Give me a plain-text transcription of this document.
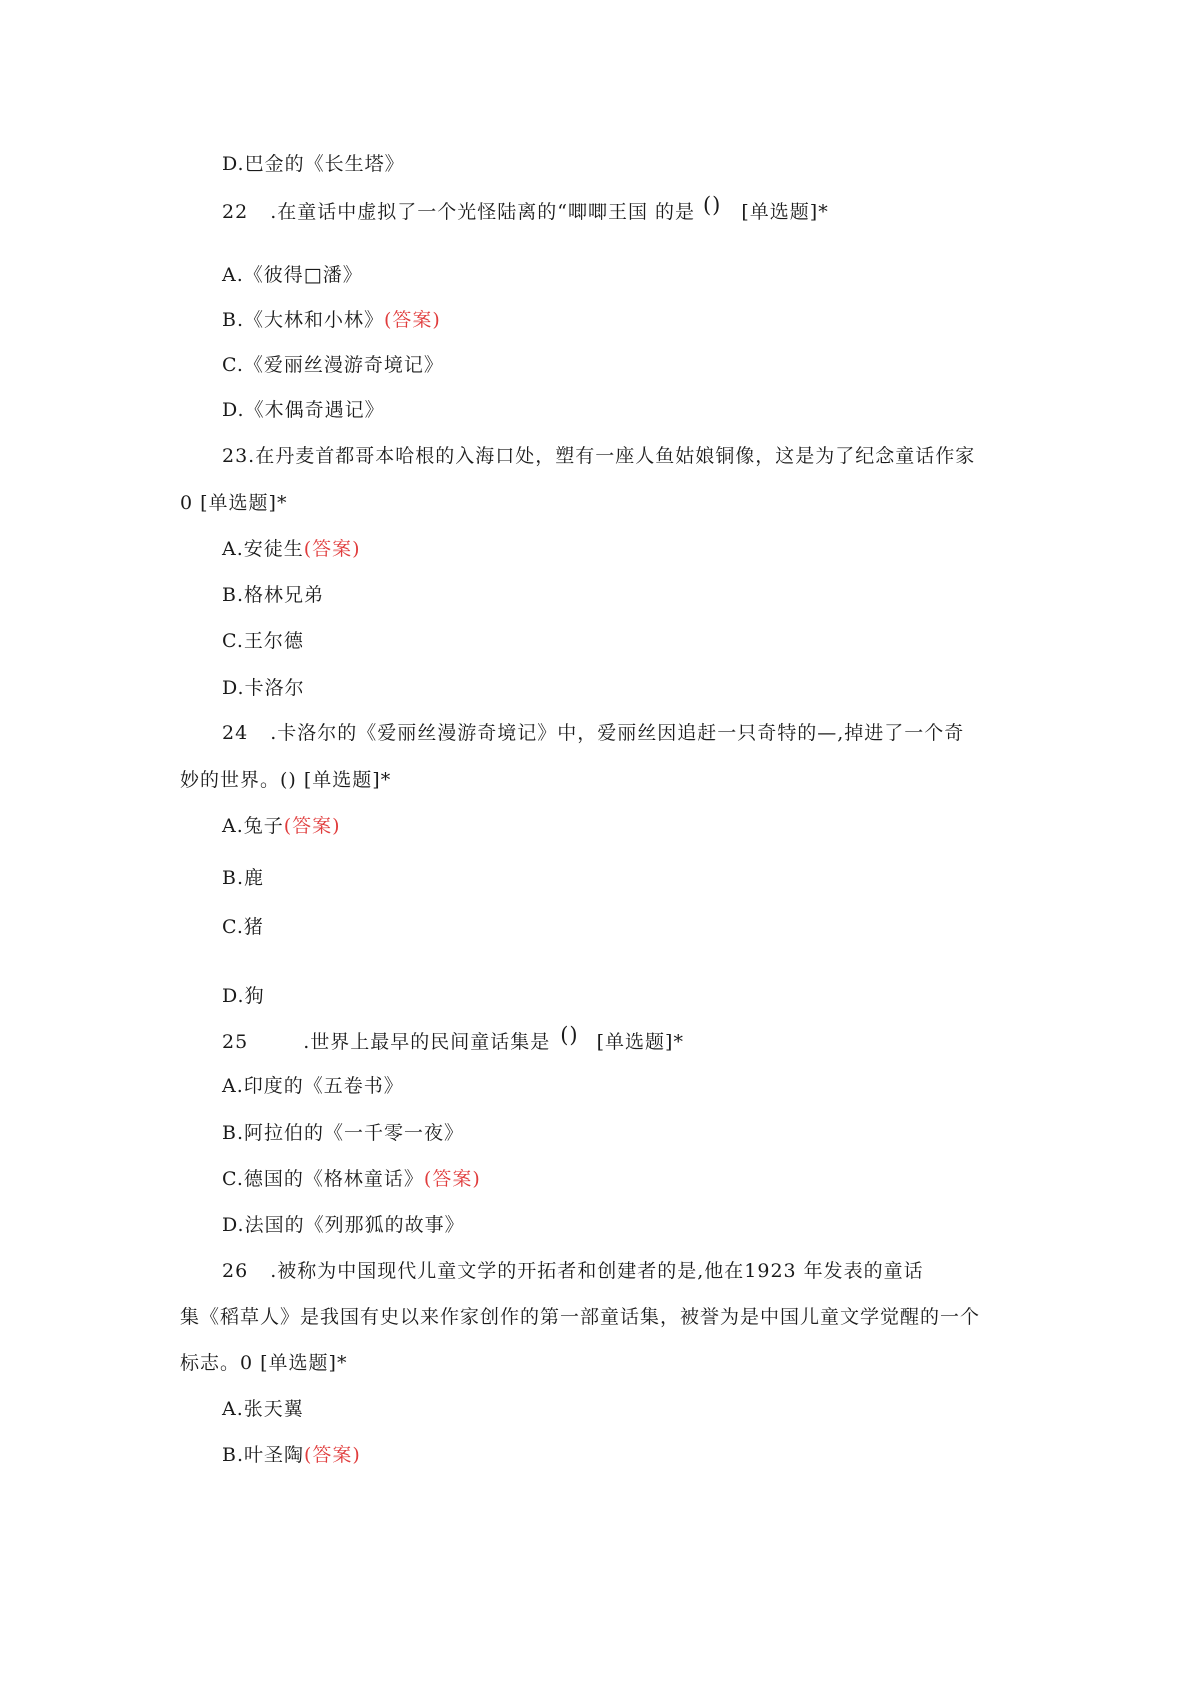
D.巴金的《长生塔》
22 .在童话中虚拟了一个光怪陆离的“唧唧王国 的是 () [单选题]*
A.《彼得□潘》
B.《大林和小林》(答案)
C.《爱丽丝漫游奇境记》
D.《木偶奇遇记》
23.在丹麦首都哥本哈根的入海口处，塑有一座人鱼姑娘铜像，这是为了纪念童话作家
0 [单选题]*
A.安徒生(答案)
B.格林兄弟
C.王尔德
D.卡洛尔
24 .卡洛尔的《爱丽丝漫游奇境记》中，爱丽丝因追赶一只奇特的—,掉进了一个奇
妙的世界。() [单选题]*
A.兔子(答案)
B.鹿
C.猪
D.狗
25	.世界上最早的民间童话集是 () [单选题]*
A.印度的《五卷书》
B.阿拉伯的《一千零一夜》
C.德国的《格林童话》(答案)
D.法国的《列那狐的故事》
26 .被称为中国现代儿童文学的开拓者和创建者的是,他在1923 年发表的童话
集《稻草人》是我国有史以来作家创作的第一部童话集，被誉为是中国儿童文学觉醒的一个
标志。0 [单选题]*
A.张天翼
B.叶圣陶(答案)
